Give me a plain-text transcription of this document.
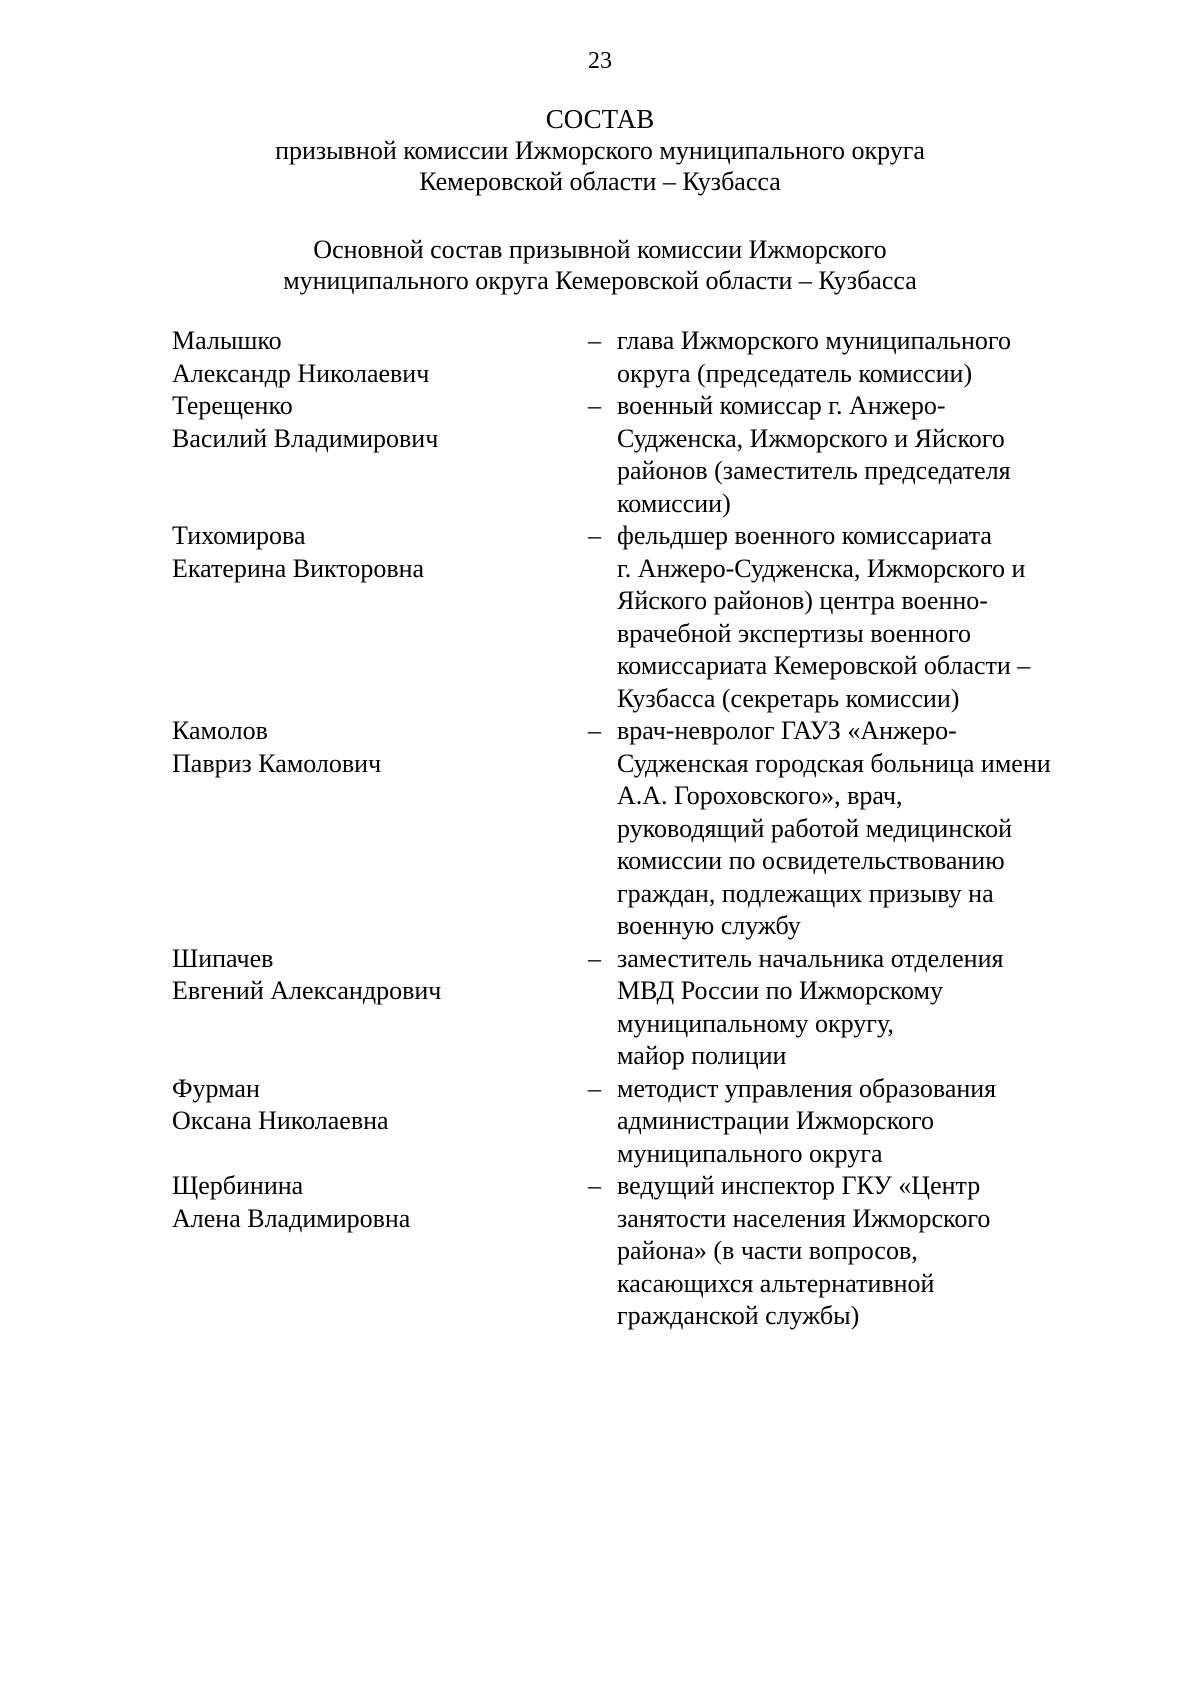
23
СОСТАВ
призывной комиссии Ижморского муниципального округа
Кемеровской области – Кузбасса
Основной состав призывной комиссии Ижморского
муниципального округа Кемеровской области – Кузбасса
Малышко
Александр Николаевич
– глава Ижморского муниципального
округа (председатель комиссии)
Терещенко
Василий Владимирович
– военный комиссар г. Анжеро-
Судженска, Ижморского и Яйского
районов (заместитель председателя
комиссии)
Тихомирова
Екатерина Викторовна
– фельдшер военного комиссариата
г. Анжеро-Судженска, Ижморского и
Яйского районов) центра военно-
врачебной экспертизы военного
комиссариата Кемеровской области –
Кузбасса (секретарь комиссии)
Камолов
Павриз Камолович
– врач-невролог ГАУЗ «Анжеро-
Судженская городская больница имени
А.А. Гороховского», врач,
руководящий работой медицинской
комиссии по освидетельствованию
граждан, подлежащих призыву на
военную службу
Шипачев
Евгений Александрович
– заместитель начальника отделения
МВД России по Ижморскому
муниципальному округу,
майор полиции
Фурман
Оксана Николаевна
– методист управления образования
администрации Ижморского
муниципального округа
Щербинина
Алена Владимировна
– ведущий инспектор ГКУ «Центр
занятости населения Ижморского
района» (в части вопросов,
касающихся альтернативной
гражданской службы)
